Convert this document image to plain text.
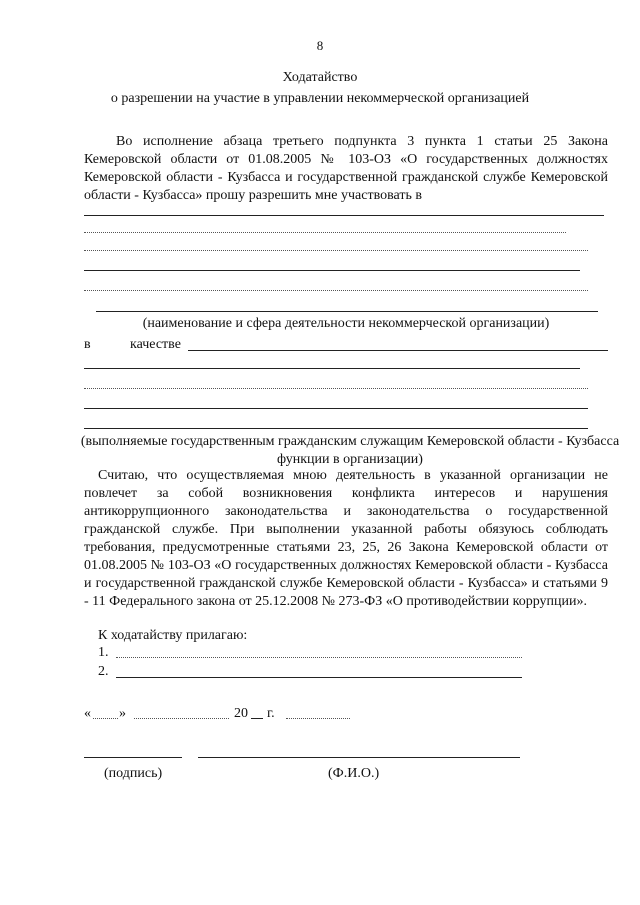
8
Ходатайство
о разрешении на участие в управлении некоммерческой организацией

Во исполнение абзаца третьего подпункта 3 пункта 1 статьи 25 Закона Кемеровской области от 01.08.2005 № 103-ОЗ «О государственных должностях Кемеровской области - Кузбасса и государственной гражданской службе Кемеровской области - Кузбасса» прошу разрешить мне участвовать в

(наименование и сфера деятельности некоммерческой организации)
в	качестве
(выполняемые государственным гражданским служащим Кемеровской области - Кузбасса функции в организации)

Считаю, что осуществляемая мною деятельность в указанной организации не повлечет за собой возникновения конфликта интересов и нарушения антикоррупционного законодательства и законодательства о государственной гражданской службе. При выполнении указанной работы обязуюсь соблюдать требования, предусмотренные статьями 23, 25, 26 Закона Кемеровской области от 01.08.2005 № 103-ОЗ «О государственных должностях Кемеровской области - Кузбасса и государственной гражданской службе Кемеровской области - Кузбасса» и статьями 9 - 11 Федерального закона от 25.12.2008 № 273-ФЗ «О противодействии коррупции».

К ходатайству прилагаю:
1.
2.
« »	20 г.
(подпись)	(Ф.И.О.)
